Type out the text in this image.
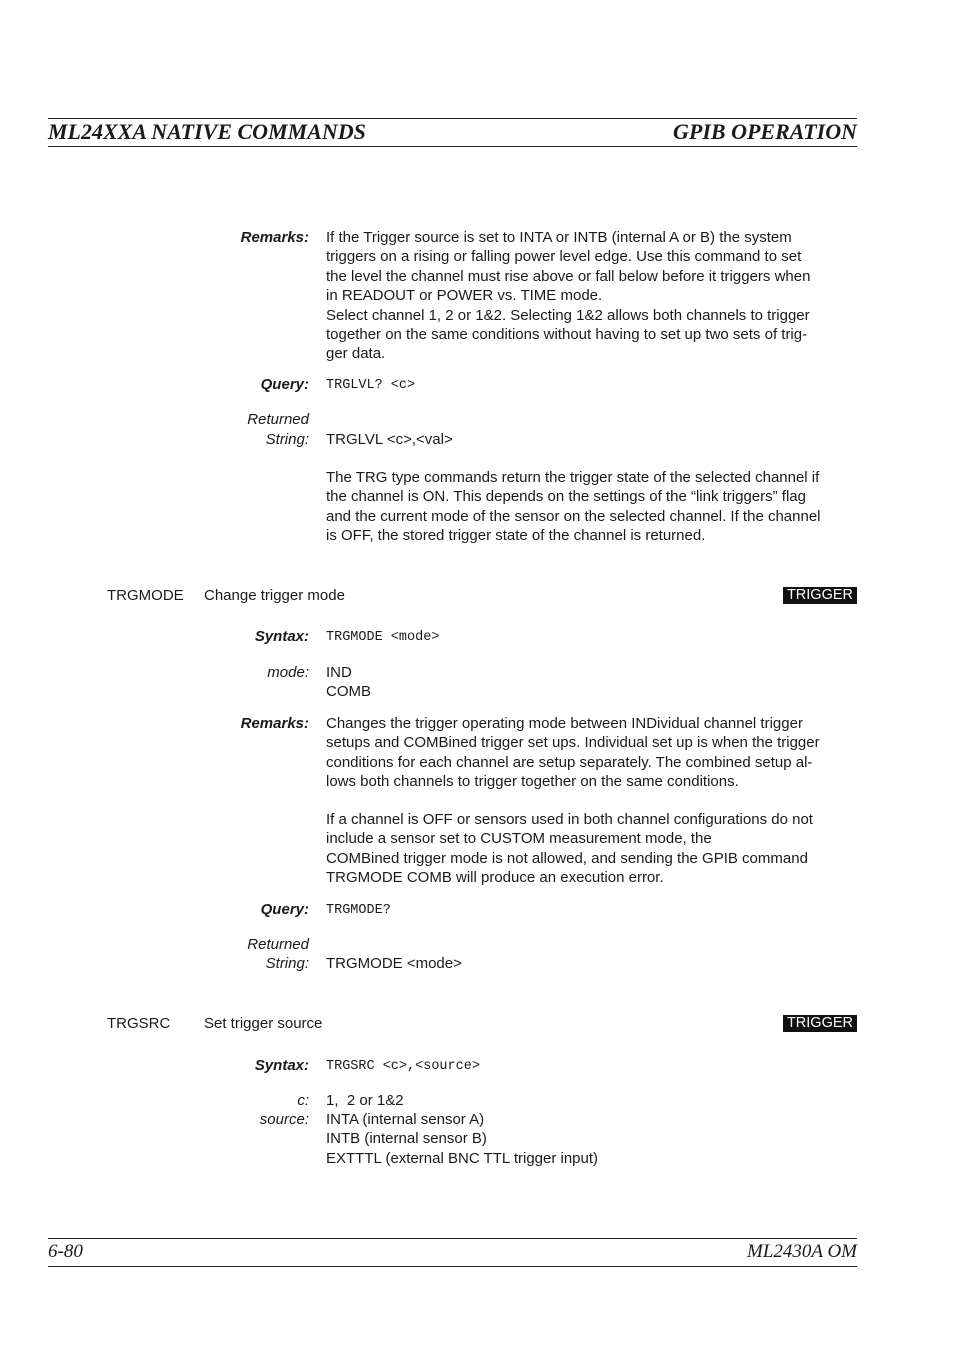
ML24XXA NATIVE COMMANDS	GPIB OPERATION
Remarks: If the Trigger source is set to INTA or INTB (internal A or B) the system
triggers on a rising or falling power level edge. Use this command to set
the level the channel must rise above or fall below before it triggers when
in READOUT or POWER vs. TIME mode.
Select channel 1, 2 or 1&2. Selecting 1&2 allows both channels to trigger
together on the same conditions without having to set up two sets of trig-
ger data.
Query: TRGLVL? <c>
Returned
String: TRGLVL <c>,<val>
The TRG type commands return the trigger state of the selected channel if
the channel is ON. This depends on the settings of the “link triggers” flag
and the current mode of the sensor on the selected channel. If the channel
is OFF, the stored trigger state of the channel is returned.
TRGMODE Change trigger mode	TRIGGER
Syntax: TRGMODE <mode>
mode: IND
COMB
Remarks: Changes the trigger operating mode between INDividual channel trigger
setups and COMBined trigger set ups. Individual set up is when the trigger
conditions for each channel are setup separately. The combined setup al-
lows both channels to trigger together on the same conditions.
If a channel is OFF or sensors used in both channel configurations do not
include a sensor set to CUSTOM measurement mode, the
COMBined trigger mode is not allowed, and sending the GPIB command
TRGMODE COMB will produce an execution error.
Query: TRGMODE?
Returned
String: TRGMODE <mode>
TRGSRC Set trigger source	TRIGGER
Syntax: TRGSRC <c>,<source>
c: 1,  2 or 1&2
source: INTA (internal sensor A)
INTB (internal sensor B)
EXTTTL (external BNC TTL trigger input)
6-80	ML2430A OM
